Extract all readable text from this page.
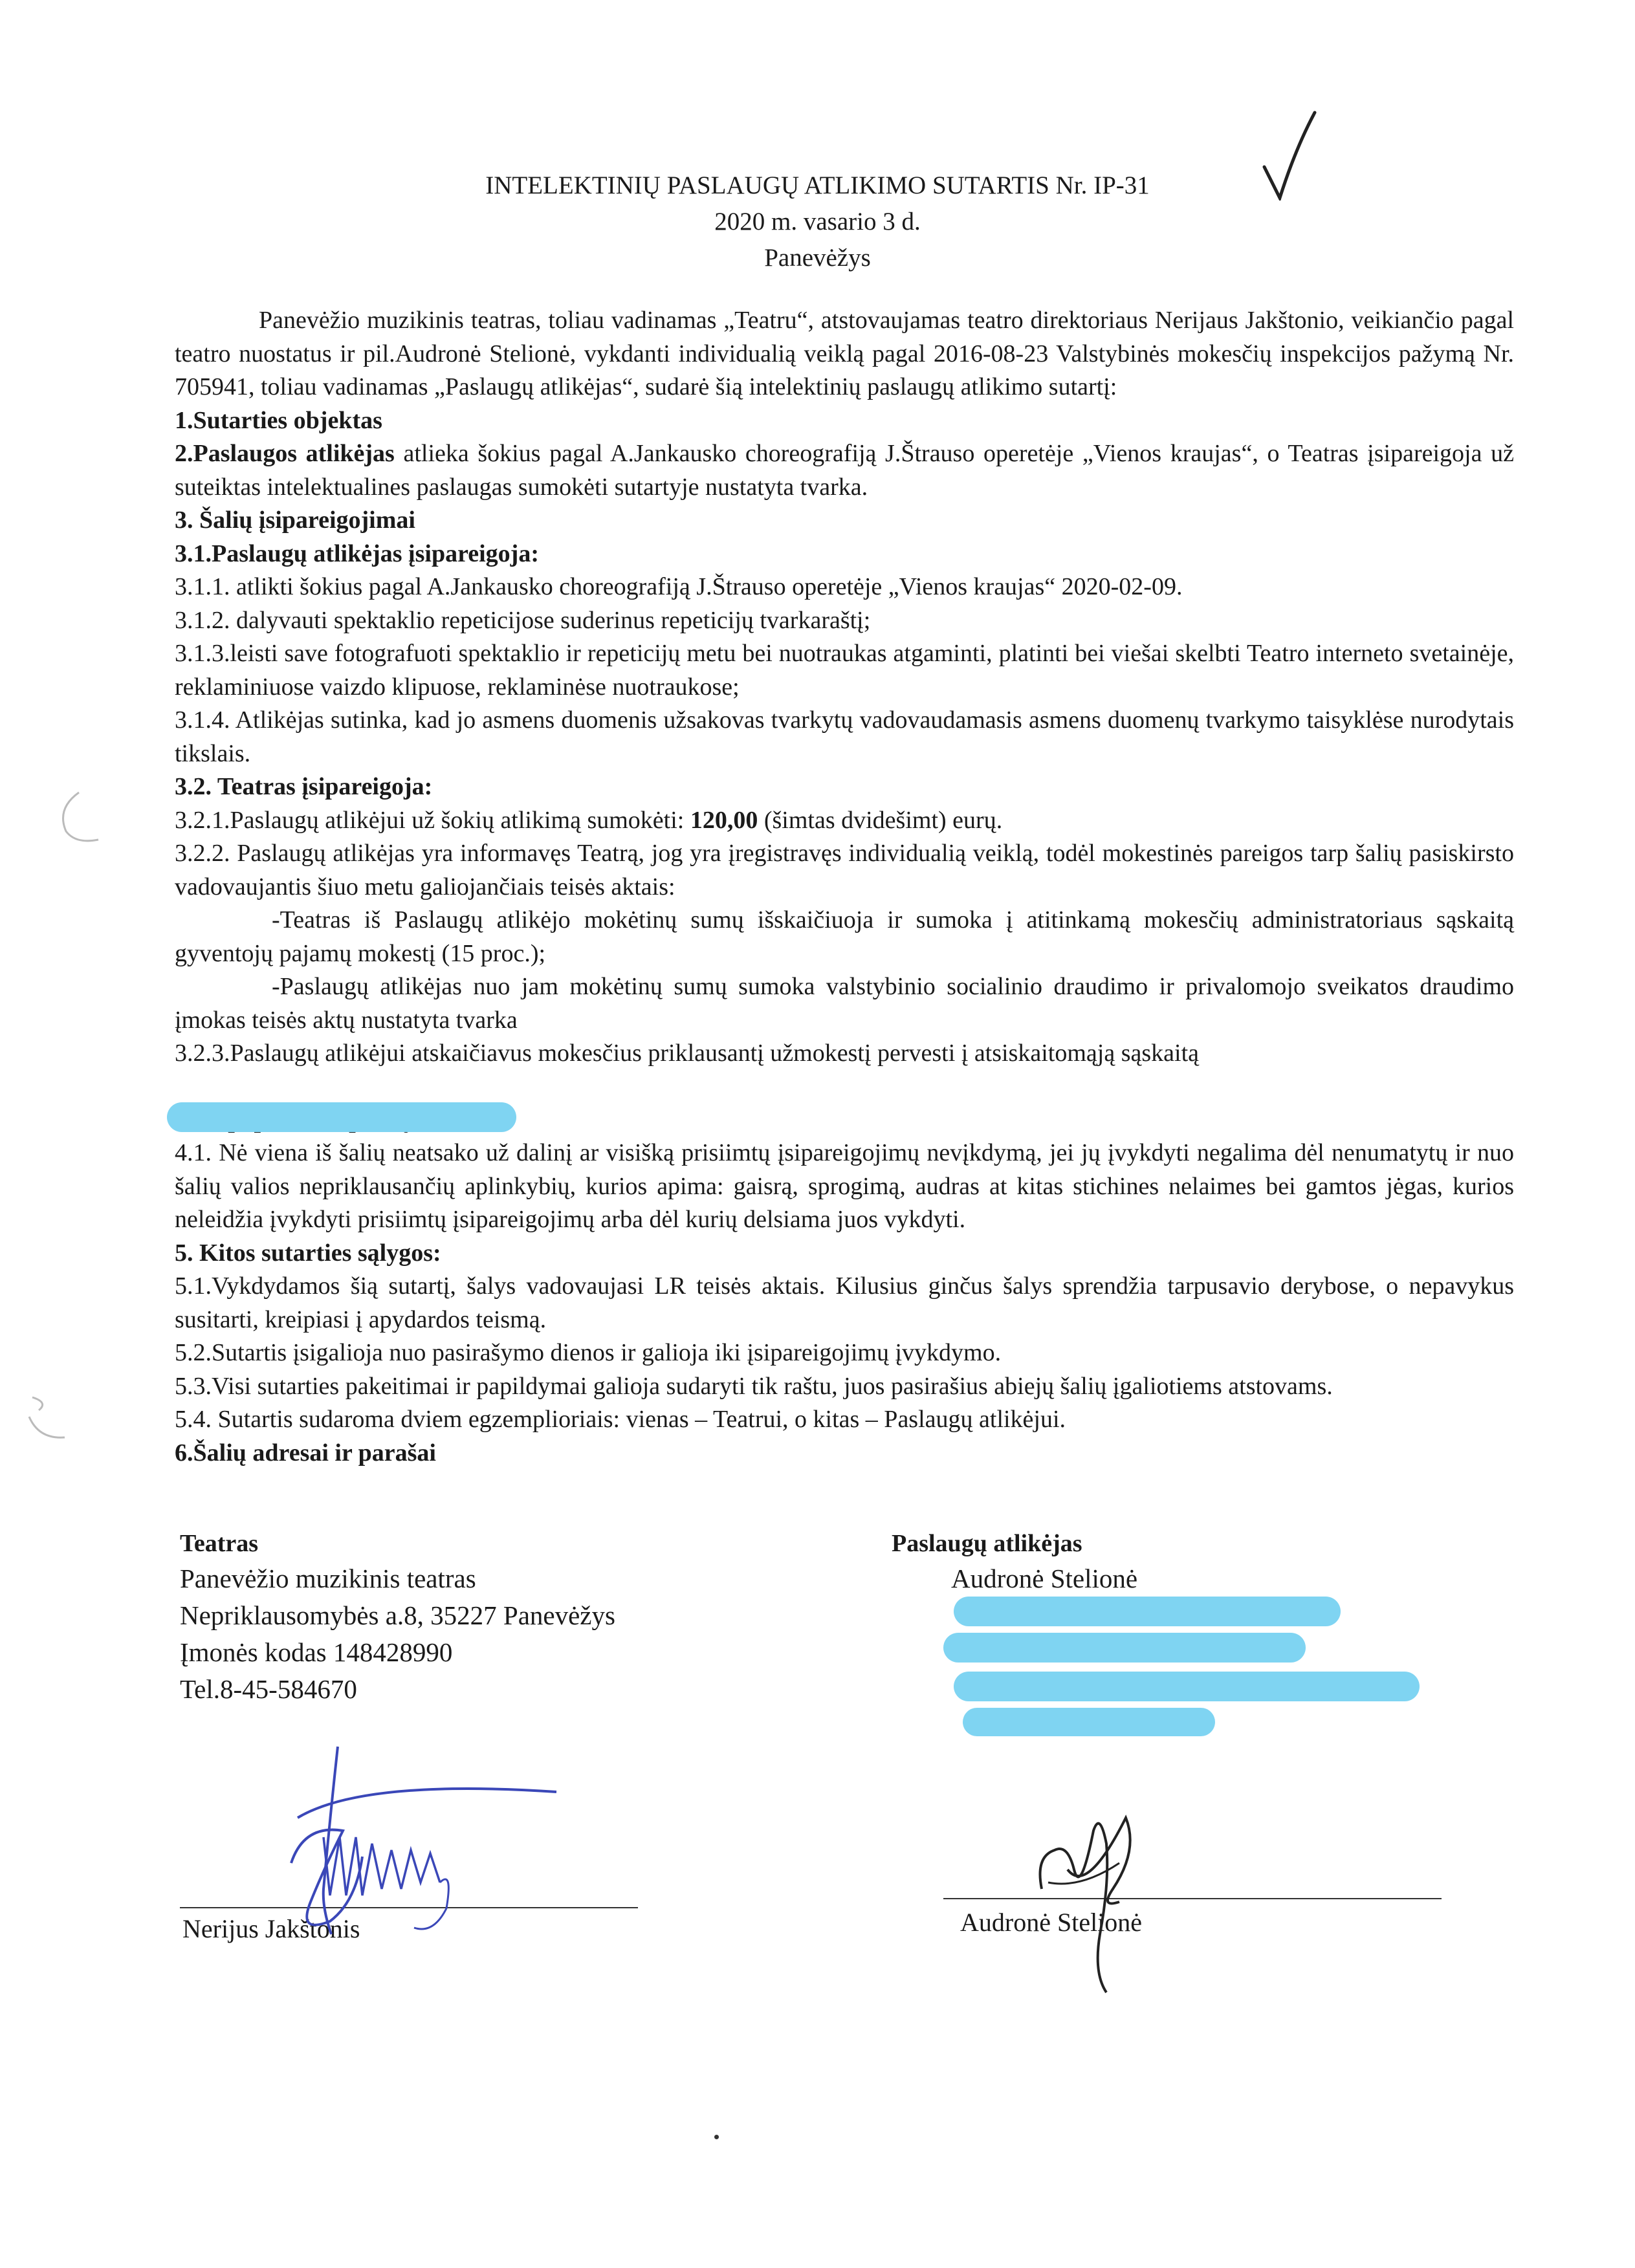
INTELEKTINIŲ PASLAUGŲ ATLIKIMO SUTARTIS Nr. IP-31
2020 m. vasario 3 d.
Panevėžys

Panevėžio muzikinis teatras, toliau vadinamas „Teatru“, atstovaujamas teatro direktoriaus Nerijaus Jakštonio, veikiančio pagal teatro nuostatus ir pil.Audronė Stelionė, vykdanti individualią veiklą pagal 2016-08-23 Valstybinės mokesčių inspekcijos pažymą Nr. 705941, toliau vadinamas „Paslaugų atlikėjas“, sudarė šią intelektinių paslaugų atlikimo sutartį:

1.Sutarties objektas

2.Paslaugos atlikėjas atlieka šokius pagal A.Jankausko choreografiją J.Štrauso operetėje „Vienos kraujas“, o Teatras įsipareigoja už suteiktas intelektualines paslaugas sumokėti sutartyje nustatyta tvarka.

3. Šalių įsipareigojimai

3.1.Paslaugų atlikėjas įsipareigoja:

3.1.1. atlikti šokius pagal A.Jankausko choreografiją J.Štrauso operetėje „Vienos kraujas“ 2020-02-09.

3.1.2. dalyvauti spektaklio repeticijose suderinus repeticijų tvarkaraštį;

3.1.3.leisti save fotografuoti spektaklio ir repeticijų metu bei nuotraukas atgaminti, platinti bei viešai skelbti Teatro interneto svetainėje, reklaminiuose vaizdo klipuose, reklaminėse nuotraukose;

3.1.4. Atlikėjas sutinka, kad jo asmens duomenis užsakovas tvarkytų vadovaudamasis asmens duomenų tvarkymo taisyklėse nurodytais tikslais.

3.2. Teatras įsipareigoja:

3.2.1.Paslaugų atlikėjui už šokių atlikimą sumokėti: 120,00 (šimtas dvidešimt) eurų.

3.2.2. Paslaugų atlikėjas yra informavęs Teatrą, jog yra įregistravęs individualią veiklą, todėl mokestinės pareigos tarp šalių pasiskirsto vadovaujantis šiuo metu galiojančiais teisės aktais:

-Teatras iš Paslaugų atlikėjo mokėtinų sumų išskaičiuoja ir sumoka į atitinkamą mokesčių administratoriaus sąskaitą gyventojų pajamų mokestį (15 proc.);

-Paslaugų atlikėjas nuo jam mokėtinų sumų sumoka valstybinio socialinio draudimo ir privalomojo sveikatos draudimo įmokas teisės aktų nustatyta tvarka

3.2.3.Paslaugų atlikėjui atskaičiavus mokesčius priklausantį užmokestį pervesti į atsiskaitomąją sąskaitą

4.1. Nė viena iš šalių neatsako už dalinį ar visišką prisiimtų įsipareigojimų nevįkdymą, jei jų įvykdyti negalima dėl nenumatytų ir nuo šalių valios nepriklausančių aplinkybių, kurios apima: gaisrą, sprogimą, audras at kitas stichines nelaimes bei gamtos jėgas, kurios neleidžia įvykdyti prisiimtų įsipareigojimų arba dėl kurių delsiama juos vykdyti.

5. Kitos sutarties sąlygos:

5.1.Vykdydamos šią sutartį, šalys vadovaujasi LR teisės aktais. Kilusius ginčus šalys sprendžia tarpusavio derybose, o nepavykus susitarti, kreipiasi į apydardos teismą.

5.2.Sutartis įsigalioja nuo pasirašymo dienos ir galioja iki įsipareigojimų įvykdymo.

5.3.Visi sutarties pakeitimai ir papildymai galioja sudaryti tik raštu, juos pasirašius abiejų šalių įgaliotiems atstovams.

5.4. Sutartis sudaroma dviem egzemplioriais: vienas – Teatrui, o kitas – Paslaugų atlikėjui.

6.Šalių adresai ir parašai

Teatras
Panevėžio muzikinis teatras
Nepriklausomybės a.8, 35227 Panevėžys
Įmonės kodas 148428990
Tel.8-45-584670
Paslaugų atlikėjas
Audronė Stelionė
Nerijus Jakštonis	Audronė Stelionė
